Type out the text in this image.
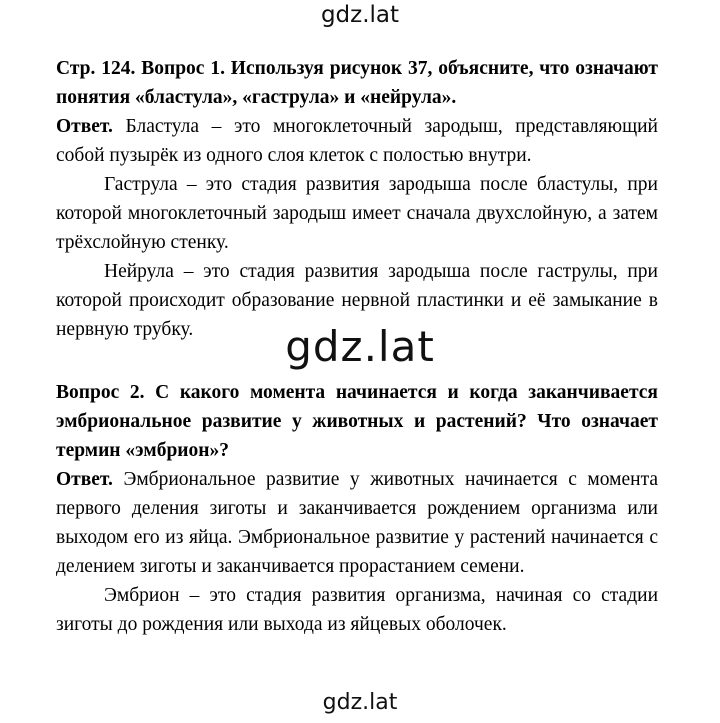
gdz.lat

Стр. 124. Вопрос 1. Используя рисунок 37, объясните, что означают понятия «бластула», «гаструла» и «нейрула».

Ответ. Бластула – это многоклеточный зародыш, представляющий собой пузырёк из одного слоя клеток с полостью внутри.

Гаструла – это стадия развития зародыша после бластулы, при которой многоклеточный зародыш имеет сначала двухслойную, а затем трёхслойную стенку.

Нейрула – это стадия развития зародыша после гаструлы, при которой происходит образование нервной пластинки и её замыкание в нервную трубку.	gdz.lat

Вопрос 2. С какого момента начинается и когда заканчивается эмбриональное развитие у животных и растений? Что означает термин «эмбрион»?

Ответ. Эмбриональное развитие у животных начинается с момента первого деления зиготы и заканчивается рождением организма или выходом его из яйца. Эмбриональное развитие у растений начинается с делением зиготы и заканчивается прорастанием семени.

Эмбрион – это стадия развития организма, начиная со стадии зиготы до рождения или выхода из яйцевых оболочек.

gdz.lat
